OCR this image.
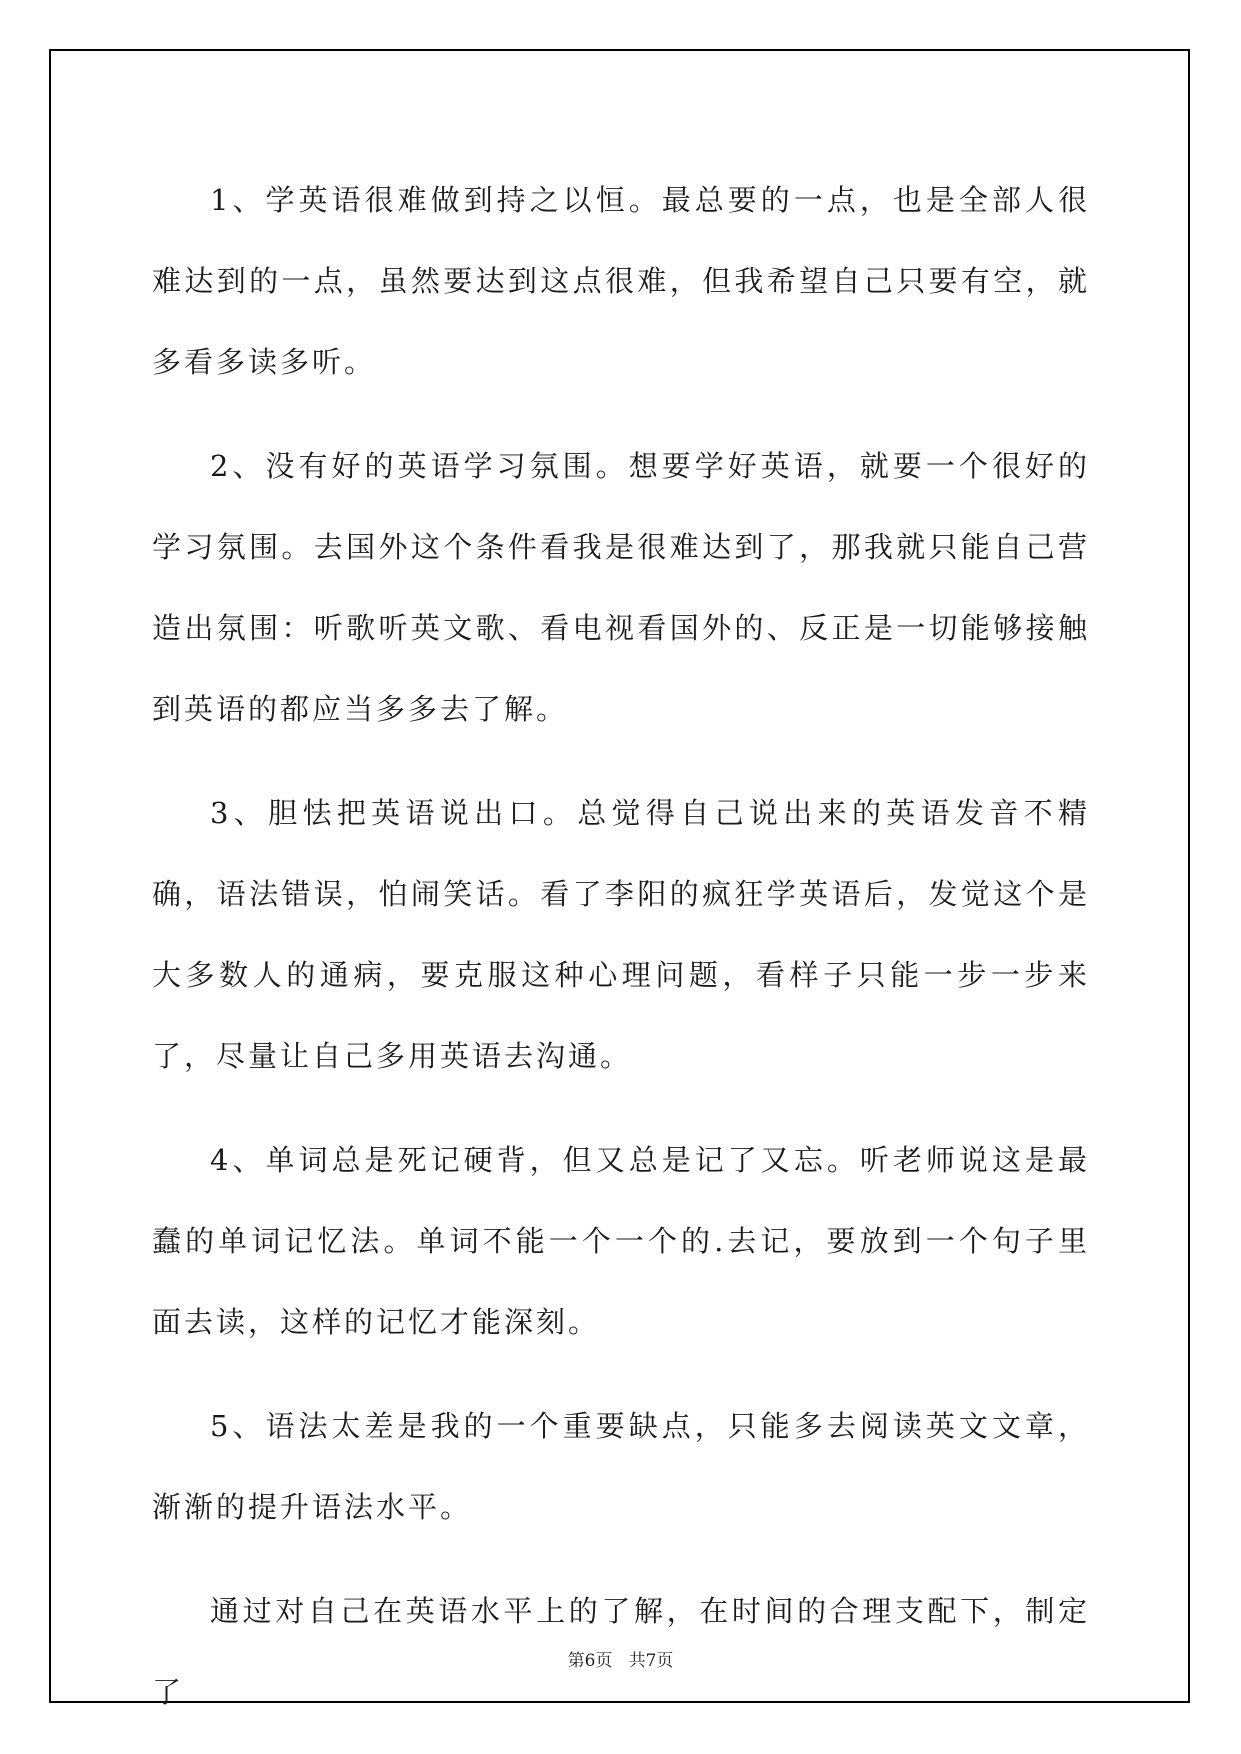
1、学英语很难做到持之以恒。最总要的一点，也是全部人很难达到的一点，虽然要达到这点很难，但我希望自己只要有空，就多看多读多听。

2、没有好的英语学习氛围。想要学好英语，就要一个很好的学习氛围。去国外这个条件看我是很难达到了，那我就只能自己营造出氛围：听歌听英文歌、看电视看国外的、反正是一切能够接触到英语的都应当多多去了解。

3、胆怯把英语说出口。总觉得自己说出来的英语发音不精确，语法错误，怕闹笑话。看了李阳的疯狂学英语后，发觉这个是大多数人的通病，要克服这种心理问题，看样子只能一步一步来了，尽量让自己多用英语去沟通。

4、单词总是死记硬背，但又总是记了又忘。听老师说这是最蠢的单词记忆法。单词不能一个一个的.去记，要放到一个句子里面去读，这样的记忆才能深刻。

5、语法太差是我的一个重要缺点，只能多去阅读英文文章，渐渐的提升语法水平。

通过对自己在英语水平上的了解，在时间的合理支配下，制定了

第6页   共7页
